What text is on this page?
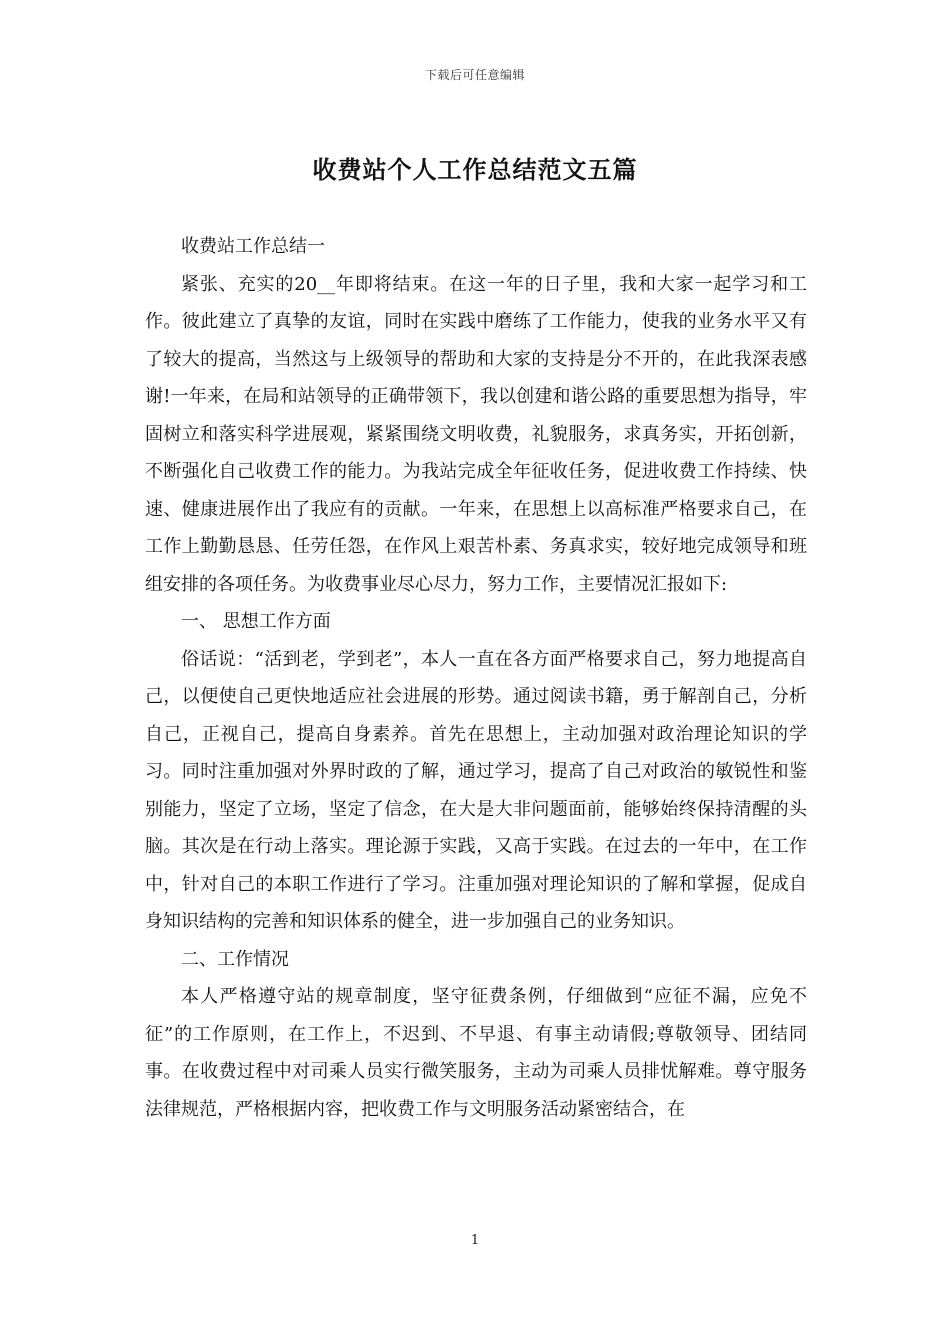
下载后可任意编辑
收费站个人工作总结范文五篇

收费站工作总结一

紧张、充实的20__年即将结束。在这一年的日子里，我和大家一起学习和工作。彼此建立了真挚的友谊，同时在实践中磨练了工作能力，使我的业务水平又有了较大的提高，当然这与上级领导的帮助和大家的支持是分不开的，在此我深表感谢!一年来，在局和站领导的正确带领下，我以创建和谐公路的重要思想为指导，牢固树立和落实科学进展观，紧紧围绕文明收费，礼貌服务，求真务实，开拓创新，不断强化自己收费工作的能力。为我站完成全年征收任务，促进收费工作持续、快速、健康进展作出了我应有的贡献。一年来，在思想上以高标准严格要求自己，在工作上勤勤恳恳、任劳任怨，在作风上艰苦朴素、务真求实，较好地完成领导和班组安排的各项任务。为收费事业尽心尽力，努力工作，主要情况汇报如下:

一、 思想工作方面

俗话说：“活到老，学到老”，本人一直在各方面严格要求自己，努力地提高自己，以便使自己更快地适应社会进展的形势。通过阅读书籍，勇于解剖自己，分析自己，正视自己，提高自身素养。首先在思想上，主动加强对政治理论知识的学习。同时注重加强对外界时政的了解，通过学习，提高了自己对政治的敏锐性和鉴别能力，坚定了立场，坚定了信念，在大是大非问题面前，能够始终保持清醒的头脑。其次是在行动上落实。理论源于实践，又高于实践。在过去的一年中，在工作中，针对自己的本职工作进行了学习。注重加强对理论知识的了解和掌握，促成自身知识结构的完善和知识体系的健全，进一步加强自己的业务知识。

二、工作情况

本人严格遵守站的规章制度，坚守征费条例，仔细做到“应征不漏，应免不征”的工作原则，在工作上，不迟到、不早退、有事主动请假;尊敬领导、团结同事。在收费过程中对司乘人员实行微笑服务，主动为司乘人员排忧解难。尊守服务法律规范，严格根据内容，把收费工作与文明服务活动紧密结合，在

1
